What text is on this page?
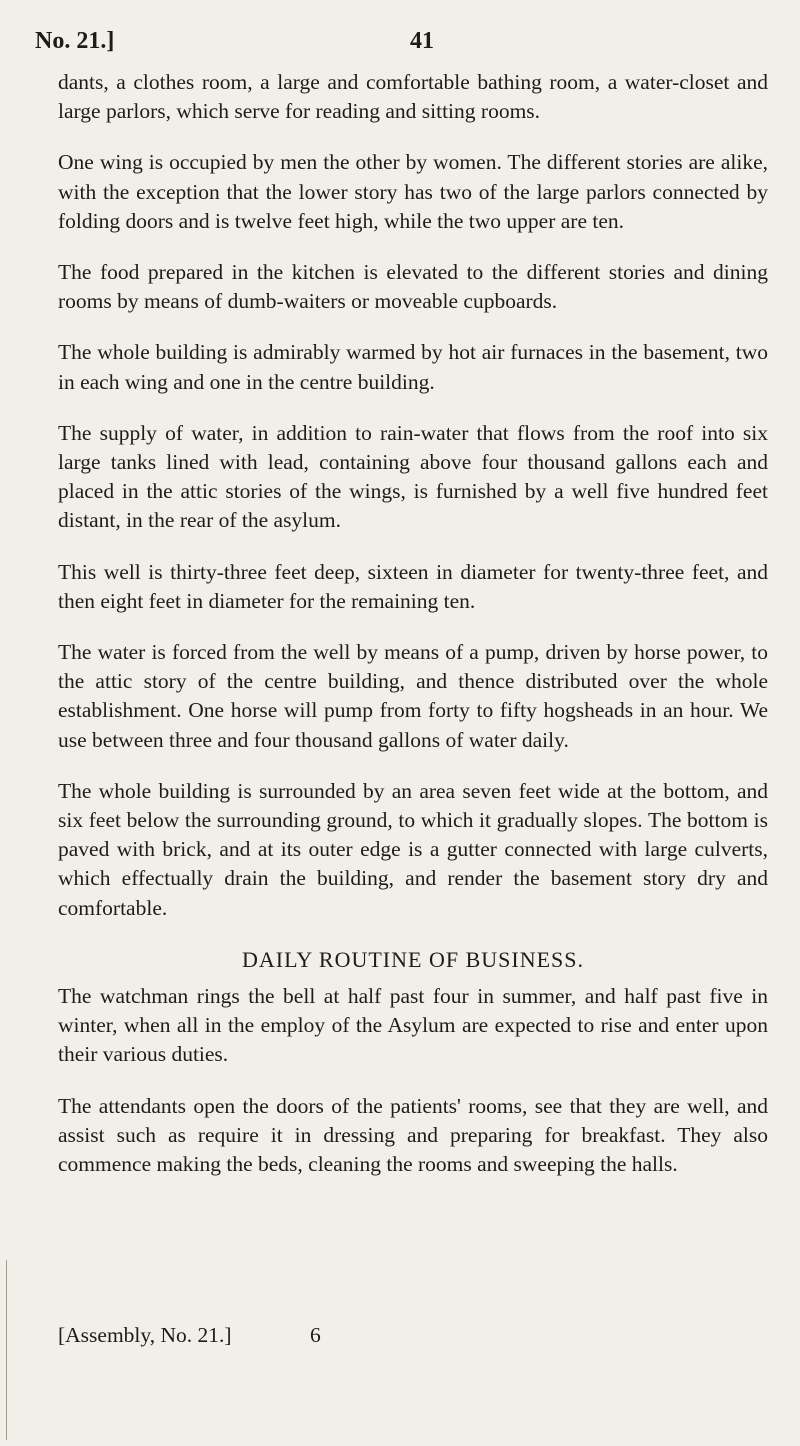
No. 21.]	41

dants, a clothes room, a large and comfortable bathing room, a water-closet and large parlors, which serve for reading and sitting rooms.

One wing is occupied by men the other by women. The different stories are alike, with the exception that the lower story has two of the large parlors connected by folding doors and is twelve feet high, while the two upper are ten.

The food prepared in the kitchen is elevated to the different stories and dining rooms by means of dumb-waiters or moveable cupboards.

The whole building is admirably warmed by hot air furnaces in the basement, two in each wing and one in the centre building.

The supply of water, in addition to rain-water that flows from the roof into six large tanks lined with lead, containing above four thousand gallons each and placed in the attic stories of the wings, is furnished by a well five hundred feet distant, in the rear of the asylum.

This well is thirty-three feet deep, sixteen in diameter for twenty-three feet, and then eight feet in diameter for the remaining ten.

The water is forced from the well by means of a pump, driven by horse power, to the attic story of the centre building, and thence distributed over the whole establishment. One horse will pump from forty to fifty hogsheads in an hour. We use between three and four thousand gallons of water daily.

The whole building is surrounded by an area seven feet wide at the bottom, and six feet below the surrounding ground, to which it gradually slopes. The bottom is paved with brick, and at its outer edge is a gutter connected with large culverts, which effectually drain the building, and render the basement story dry and comfortable.

DAILY ROUTINE OF BUSINESS.

The watchman rings the bell at half past four in summer, and half past five in winter, when all in the employ of the Asylum are expected to rise and enter upon their various duties.

The attendants open the doors of the patients' rooms, see that they are well, and assist such as require it in dressing and preparing for breakfast. They also commence making the beds, cleaning the rooms and sweeping the halls.

[Assembly, No. 21.]	6
